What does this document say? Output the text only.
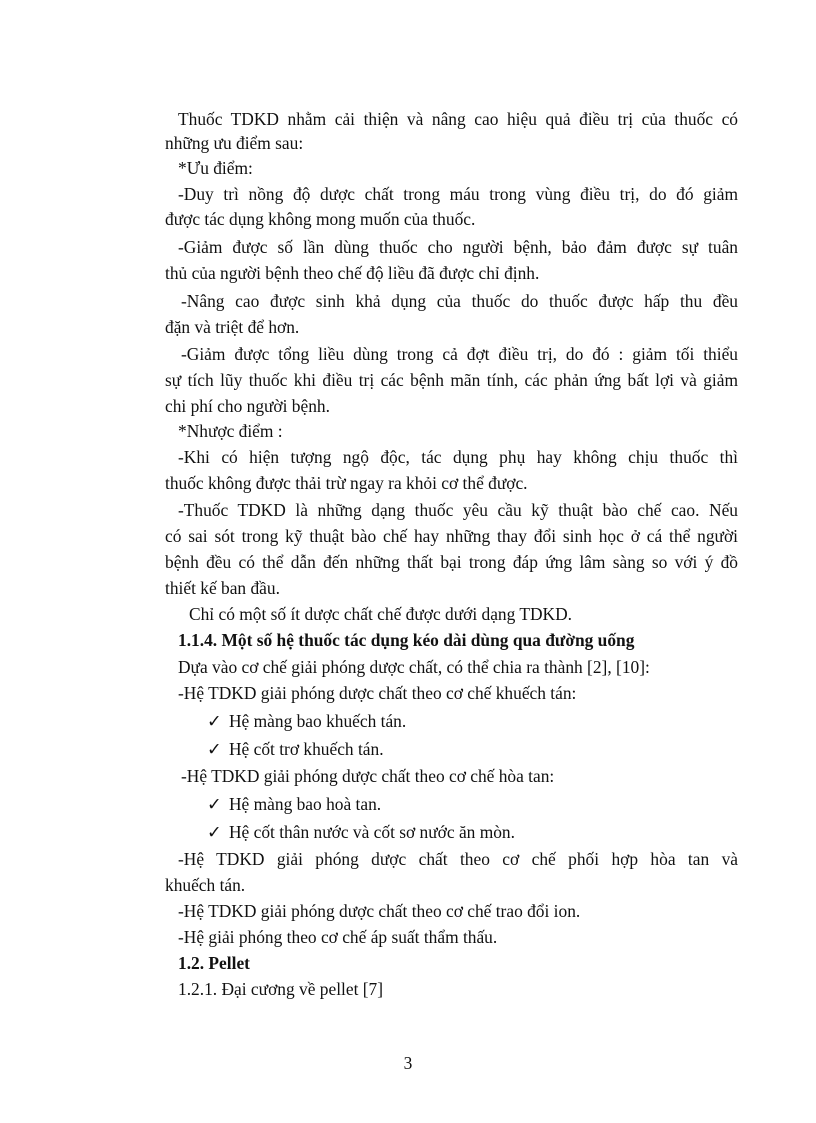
Thuốc TDKD nhằm cải thiện và nâng cao hiệu quả điều trị của thuốc có
những ưu điểm sau:
*Ưu điểm:
-Duy trì nồng độ dược chất trong máu trong vùng điều trị, do đó giảm
được tác dụng không mong muốn của thuốc.
-Giảm được số lần dùng thuốc cho người bệnh, bảo đảm được sự tuân
thủ của người bệnh theo chế độ liều đã được chỉ định.
-Nâng cao được sinh khả dụng của thuốc do thuốc được hấp thu đều
đặn và triệt để hơn.
-Giảm được tổng liều dùng trong cả đợt điều trị, do đó : giảm tối thiểu
sự tích lũy thuốc khi điều trị các bệnh mãn tính, các phản ứng bất lợi và giảm
chi phí cho người bệnh.
*Nhược điểm :
-Khi có hiện tượng ngộ độc, tác dụng phụ hay không chịu thuốc thì
thuốc không được thải trừ ngay ra khỏi cơ thể được.
-Thuốc TDKD là những dạng thuốc yêu cầu kỹ thuật bào chế cao. Nếu
có sai sót trong kỹ thuật bào chế hay những thay đổi sinh học ở cá thể người
bệnh đều có thể dẫn đến những thất bại trong đáp ứng lâm sàng so với ý đồ
thiết kế ban đầu.
Chỉ có một số ít dược chất chế được dưới dạng TDKD.
1.1.4. Một số hệ thuốc tác dụng kéo dài dùng qua đường uống
Dựa vào cơ chế giải phóng dược chất, có thể chia ra thành [2], [10]:
-Hệ TDKD giải phóng dược chất theo cơ chế khuếch tán:
✓ Hệ màng bao khuếch tán.
✓ Hệ cốt trơ khuếch tán.
-Hệ TDKD giải phóng dược chất theo cơ chế hòa tan:
✓ Hệ màng bao hoà tan.
✓ Hệ cốt thân nước và cốt sơ nước ăn mòn.
-Hệ TDKD giải phóng dược chất theo cơ chế phối hợp hòa tan và
khuếch tán.
-Hệ TDKD giải phóng dược chất theo cơ chế trao đổi ion.
-Hệ giải phóng theo cơ chế áp suất thẩm thấu.
1.2. Pellet
1.2.1. Đại cương về pellet [7]
3
